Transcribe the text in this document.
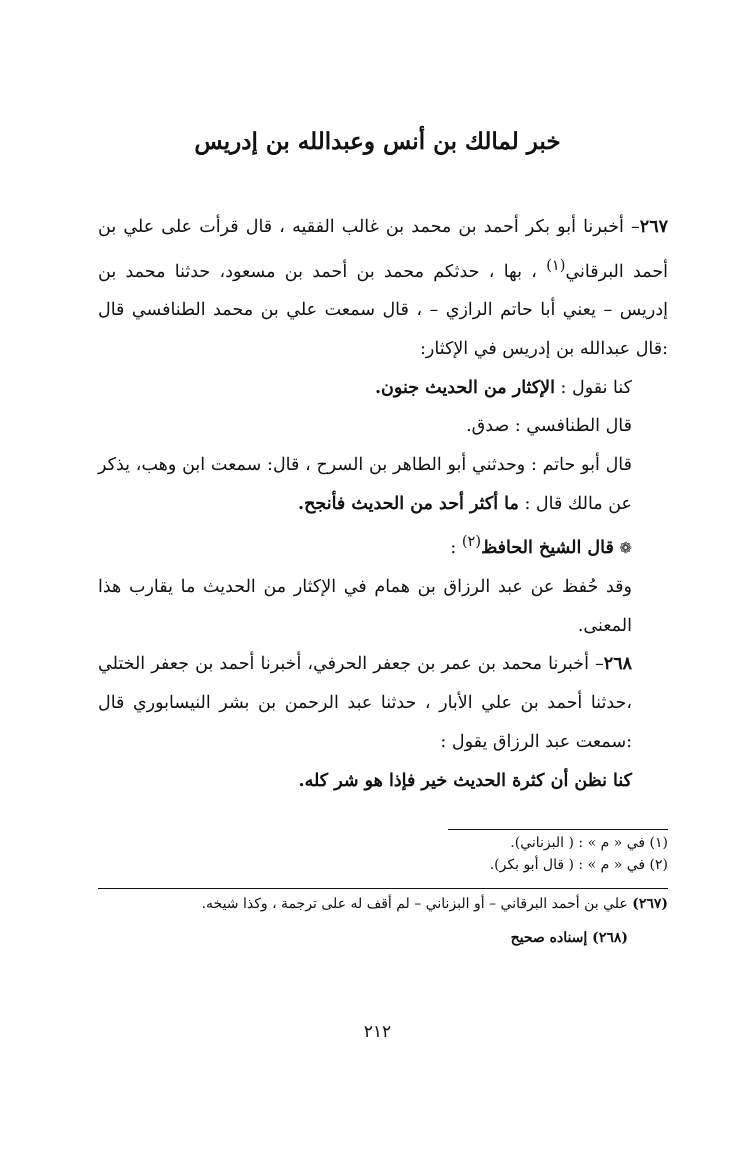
خبر لمالك بن أنس وعبدالله بن إدريس

٢٦٧– أخبرنا أبو بكر أحمد بن محمد بن غالب الفقيه ، قال قرأت على علي بن أحمد البرقاني$^{(١)}$ ، بها ، حدثكم محمد بن أحمد بن مسعود، حدثنا محمد بن إدريس – يعني أبا حاتم الرازي – ، قال سمعت علي بن محمد الطنافسي قال :قال عبدالله بن إدريس في الإكثار:

كنا نقول : الإكثار من الحديث جنون.

قال الطنافسي : صدق.

قال أبو حاتم : وحدثني أبو الطاهر بن السرح ، قال: سمعت ابن وهب، يذكر عن مالك قال : ما أكثر أحد من الحديث فأنجح.

❁ قال الشيخ الحافظ$^{(٢)}$ :

وقد حُفظ عن عبد الرزاق بن همام في الإكثار من الحديث ما يقارب هذا المعنى.

٢٦٨– أخبرنا محمد بن عمر بن جعفر الحرفي، أخبرنا أحمد بن جعفر الختلي ،حدثنا أحمد بن علي الأبار ، حدثنا عبد الرحمن بن بشر النيسابوري قال :سمعت عبد الرزاق يقول :

كنا نظن أن كثرة الحديث خير فإذا هو شر كله.

(١) في « م » : ( البزناني).

(٢) في « م » : ( قال أبو بكر).

(٢٦٧) علي بن أحمد البرقاني – أو البزناني – لم أقف له على ترجمة ، وكذا شيخه.

(٢٦٨) إسناده صحيح

٢١٢
